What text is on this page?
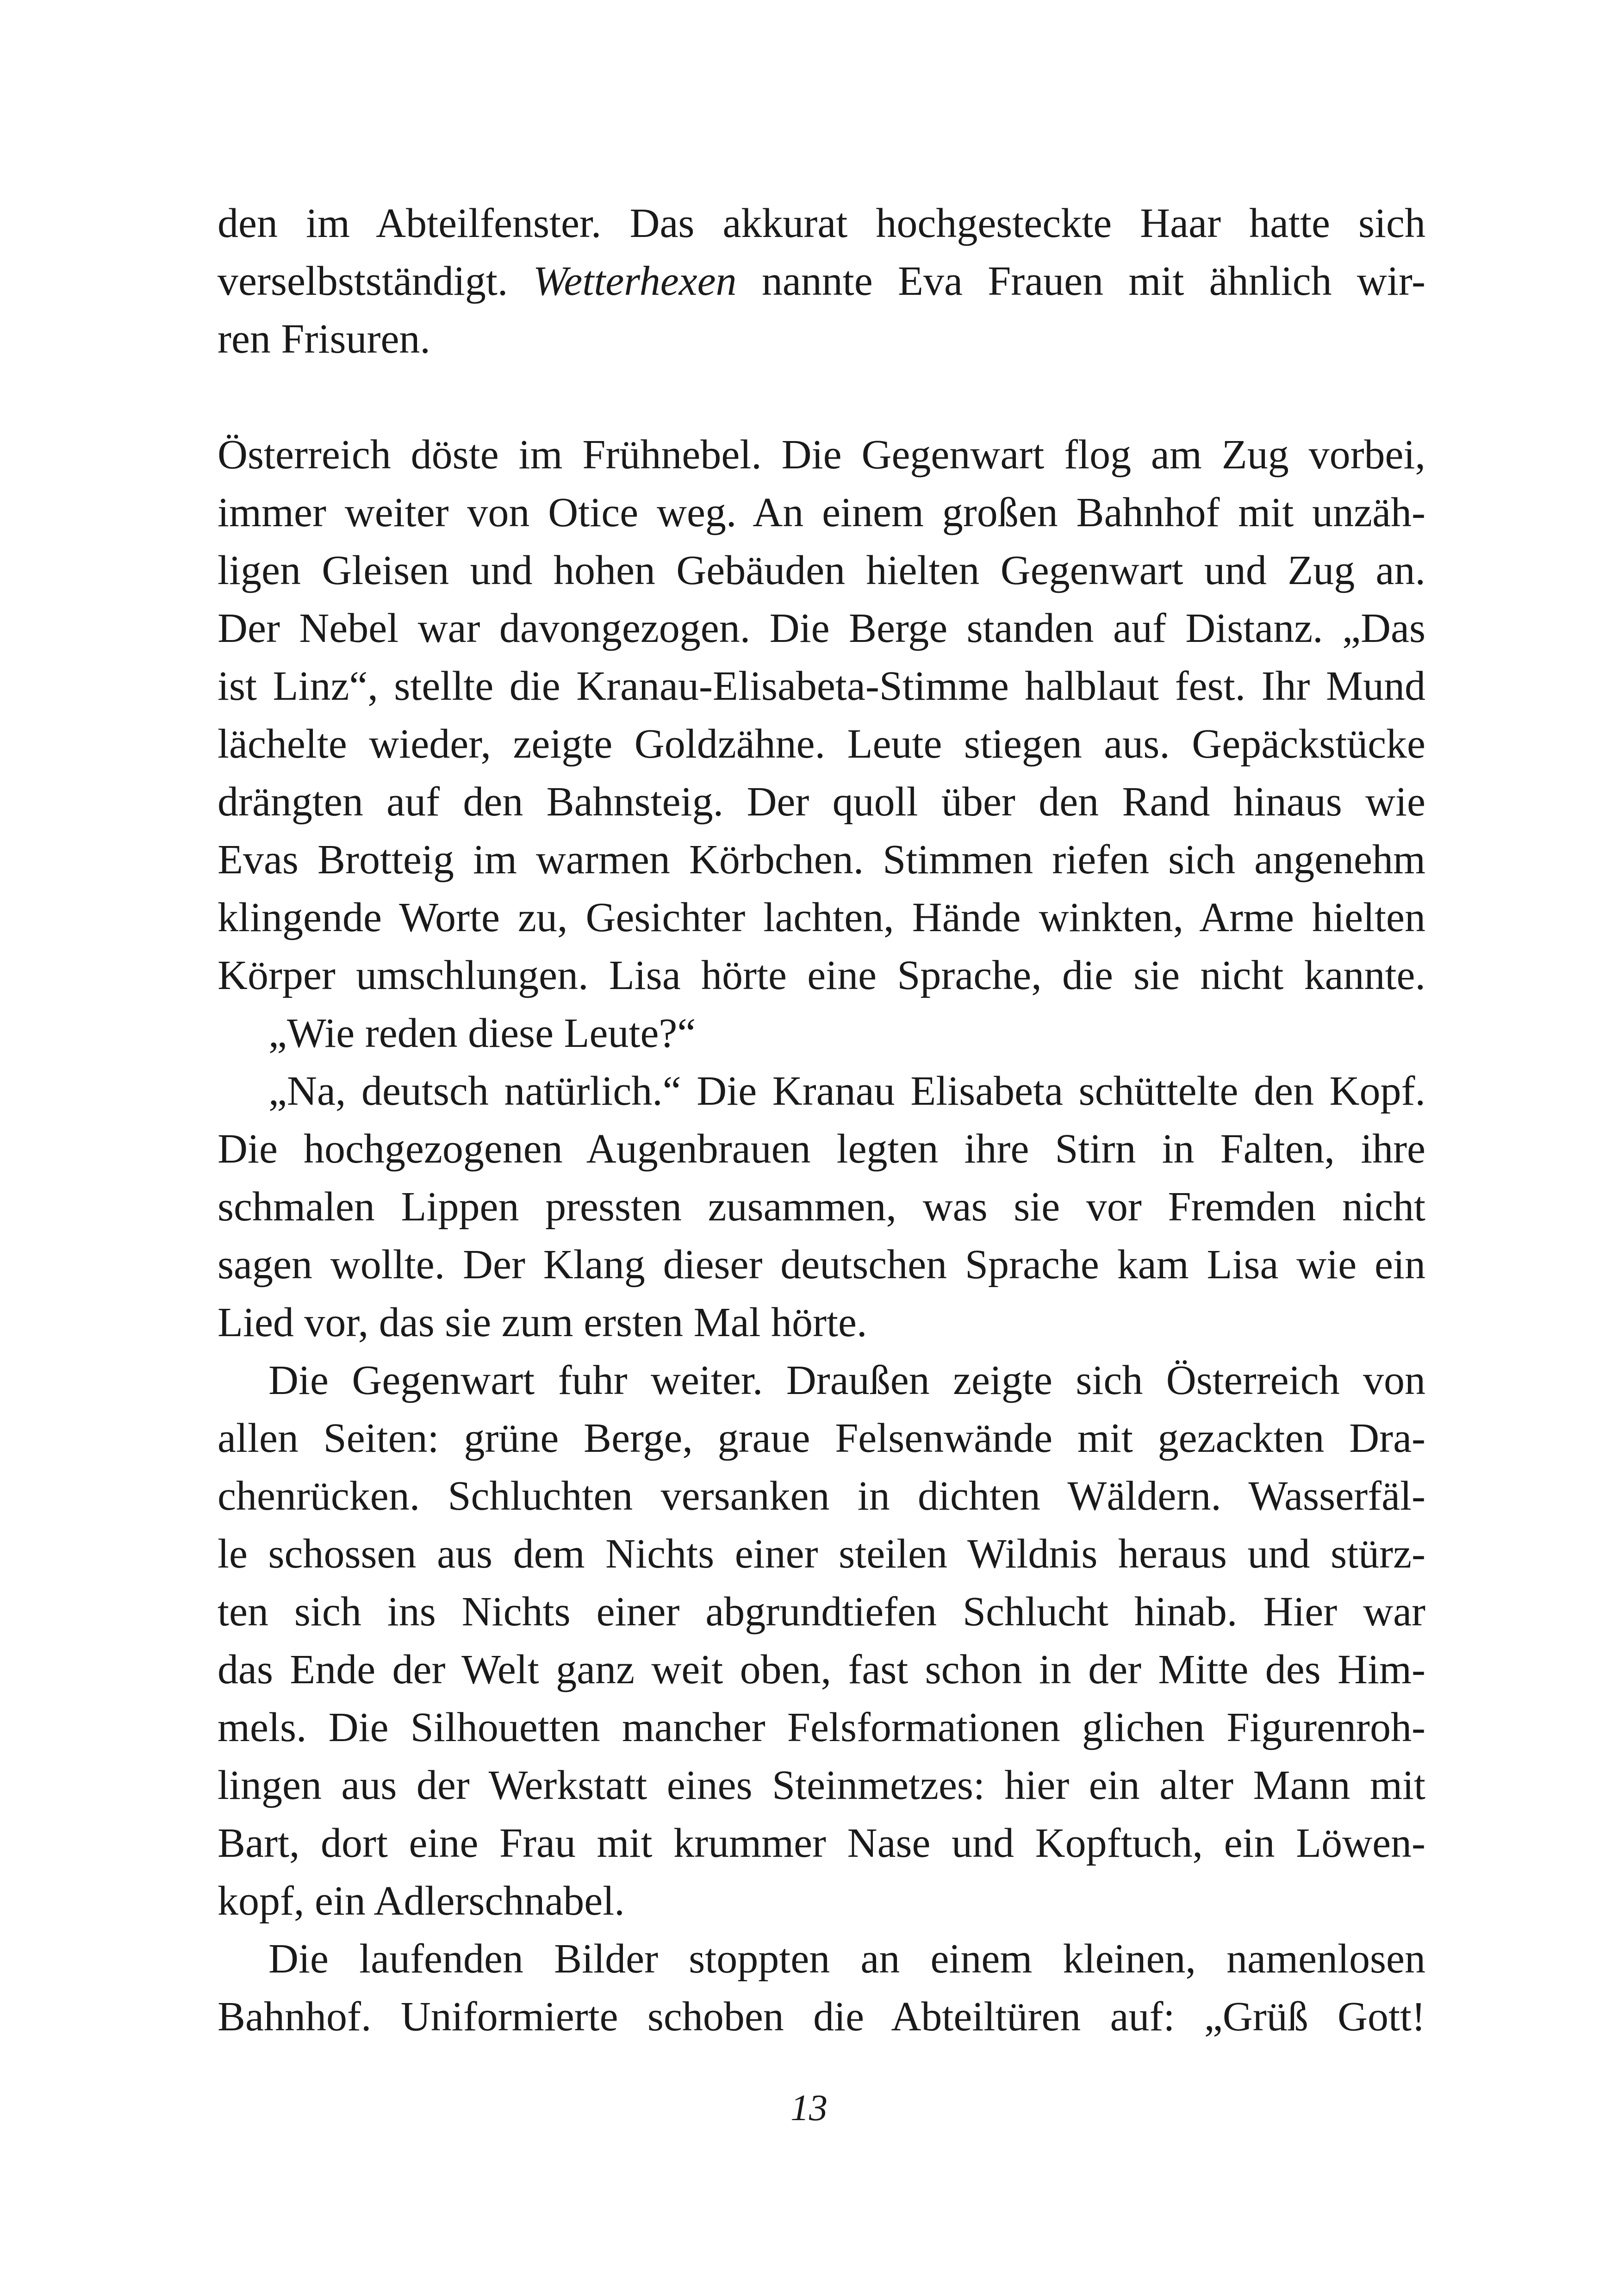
den im Abteilfenster. Das akkurat hochgesteckte Haar hatte sich
verselbstständigt. Wetterhexen nannte Eva Frauen mit ähnlich wir-
ren Frisuren.
Österreich döste im Frühnebel. Die Gegenwart flog am Zug vorbei,
immer weiter von Otice weg. An einem großen Bahnhof mit unzäh-
ligen Gleisen und hohen Gebäuden hielten Gegenwart und Zug an.
Der Nebel war davongezogen. Die Berge standen auf Distanz. „Das
ist Linz“, stellte die Kranau-Elisabeta-Stimme halblaut fest. Ihr Mund
lächelte wieder, zeigte Goldzähne. Leute stiegen aus. Gepäckstücke
drängten auf den Bahnsteig. Der quoll über den Rand hinaus wie
Evas Brotteig im warmen Körbchen. Stimmen riefen sich angenehm
klingende Worte zu, Gesichter lachten, Hände winkten, Arme hielten
Körper umschlungen. Lisa hörte eine Sprache, die sie nicht kannte.
„Wie reden diese Leute?“
„Na, deutsch natürlich.“ Die Kranau Elisabeta schüttelte den Kopf.
Die hochgezogenen Augenbrauen legten ihre Stirn in Falten, ihre
schmalen Lippen pressten zusammen, was sie vor Fremden nicht
sagen wollte. Der Klang dieser deutschen Sprache kam Lisa wie ein
Lied vor, das sie zum ersten Mal hörte.
Die Gegenwart fuhr weiter. Draußen zeigte sich Österreich von
allen Seiten: grüne Berge, graue Felsenwände mit gezackten Dra-
chenrücken. Schluchten versanken in dichten Wäldern. Wasserfäl-
le schossen aus dem Nichts einer steilen Wildnis heraus und stürz-
ten sich ins Nichts einer abgrundtiefen Schlucht hinab. Hier war
das Ende der Welt ganz weit oben, fast schon in der Mitte des Him-
mels. Die Silhouetten mancher Felsformationen glichen Figurenroh-
lingen aus der Werkstatt eines Steinmetzes: hier ein alter Mann mit
Bart, dort eine Frau mit krummer Nase und Kopftuch, ein Löwen-
kopf, ein Adlerschnabel.
Die laufenden Bilder stoppten an einem kleinen, namenlosen
Bahnhof. Uniformierte schoben die Abteiltüren auf: „Grüß Gott!
13
